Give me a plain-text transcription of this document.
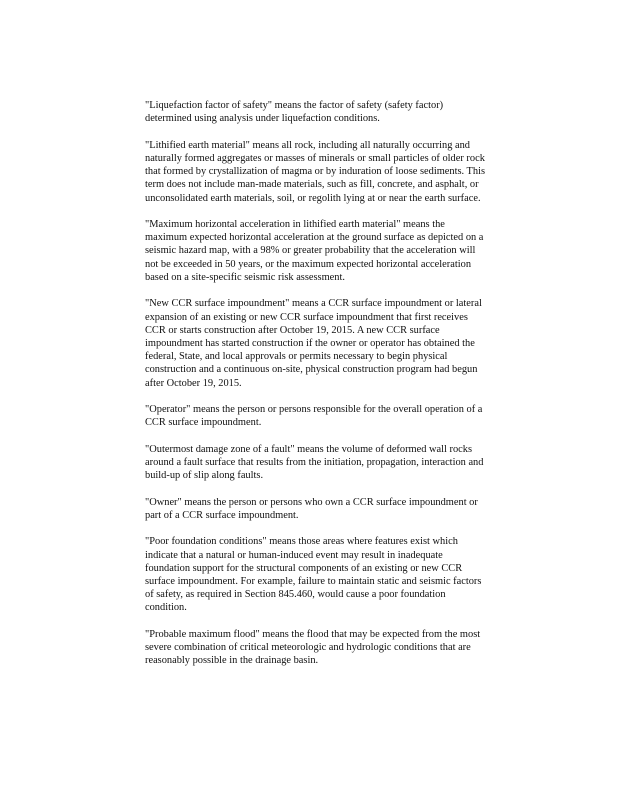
"Liquefaction factor of safety" means the factor of safety (safety factor)
determined using analysis under liquefaction conditions.

"Lithified earth material" means all rock, including all naturally occurring and
naturally formed aggregates or masses of minerals or small particles of older rock
that formed by crystallization of magma or by induration of loose sediments. This
term does not include man-made materials, such as fill, concrete, and asphalt, or
unconsolidated earth materials, soil, or regolith lying at or near the earth surface.

"Maximum horizontal acceleration in lithified earth material" means the
maximum expected horizontal acceleration at the ground surface as depicted on a
seismic hazard map, with a 98% or greater probability that the acceleration will
not be exceeded in 50 years, or the maximum expected horizontal acceleration
based on a site-specific seismic risk assessment.

"New CCR surface impoundment" means a CCR surface impoundment or lateral
expansion of an existing or new CCR surface impoundment that first receives
CCR or starts construction after October 19, 2015. A new CCR surface
impoundment has started construction if the owner or operator has obtained the
federal, State, and local approvals or permits necessary to begin physical
construction and a continuous on-site, physical construction program had begun
after October 19, 2015.

"Operator" means the person or persons responsible for the overall operation of a
CCR surface impoundment.

"Outermost damage zone of a fault" means the volume of deformed wall rocks
around a fault surface that results from the initiation, propagation, interaction and
build-up of slip along faults.

"Owner" means the person or persons who own a CCR surface impoundment or
part of a CCR surface impoundment.

"Poor foundation conditions" means those areas where features exist which
indicate that a natural or human-induced event may result in inadequate
foundation support for the structural components of an existing or new CCR
surface impoundment. For example, failure to maintain static and seismic factors
of safety, as required in Section 845.460, would cause a poor foundation
condition.

"Probable maximum flood" means the flood that may be expected from the most
severe combination of critical meteorologic and hydrologic conditions that are
reasonably possible in the drainage basin.
